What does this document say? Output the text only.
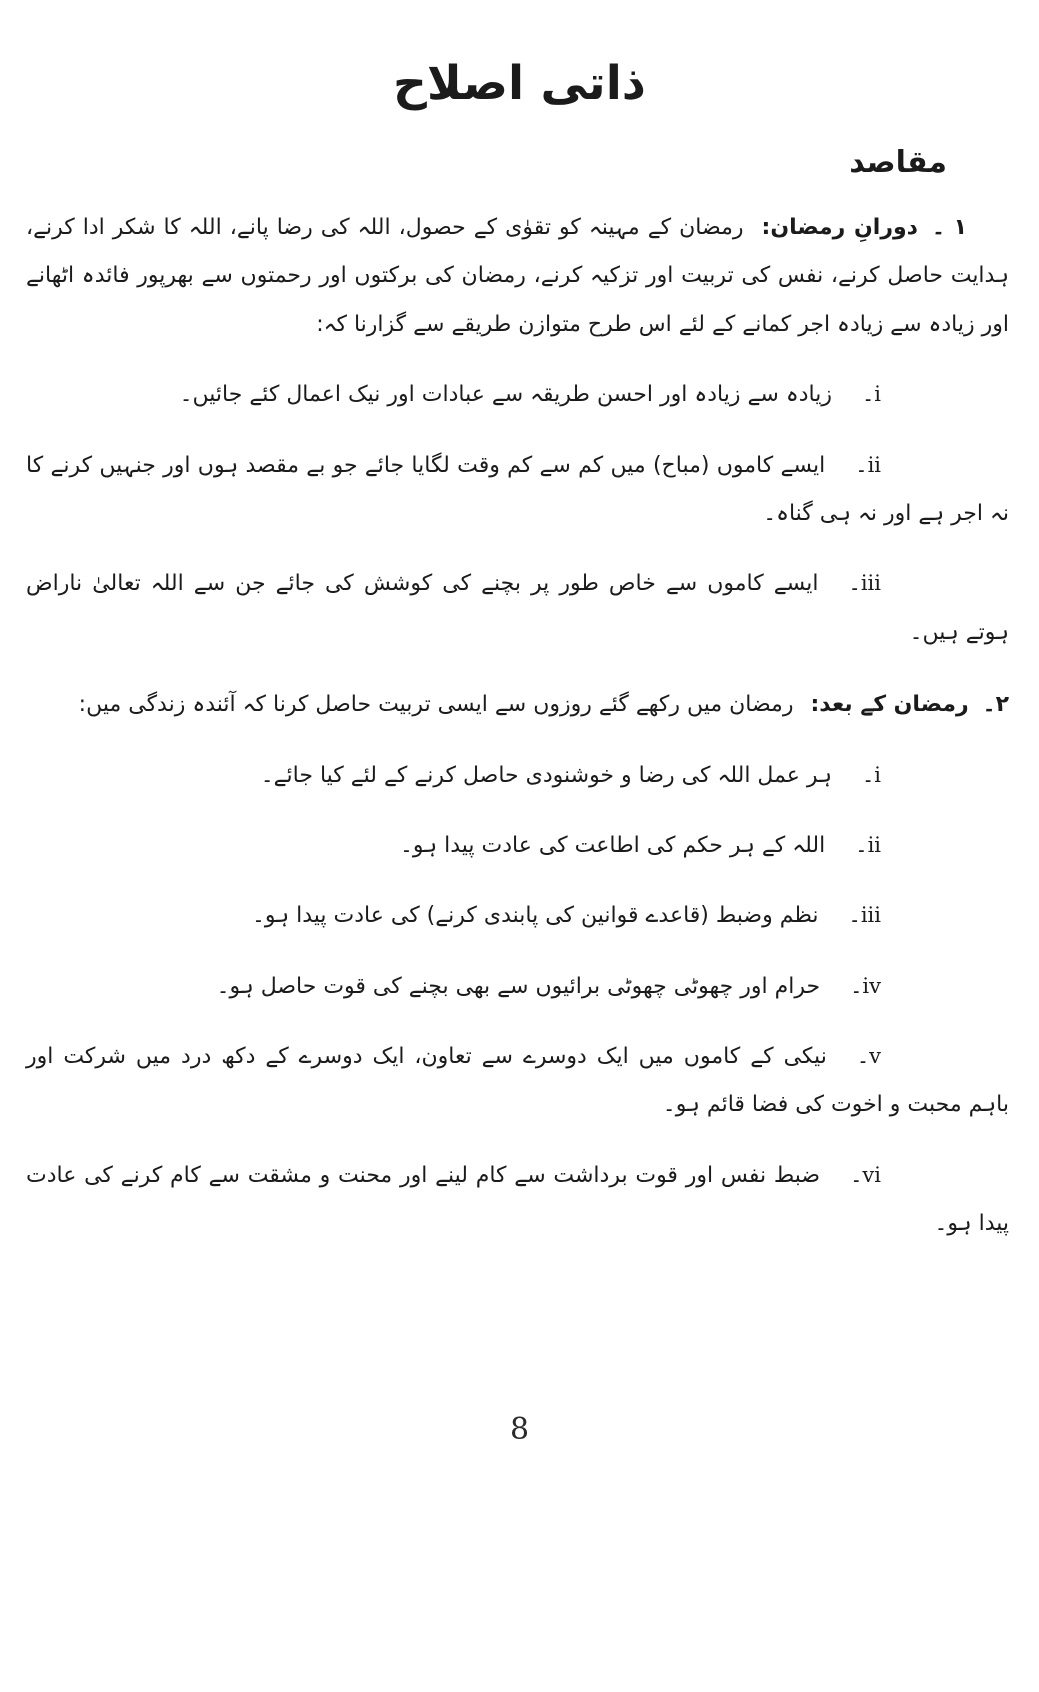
ذاتی اصلاح
مقاصد

۱ ۔دورانِ رمضان: رمضان کے مہینہ کو تقوٰی کے حصول، اللہ کی رضا پانے، اللہ کا شکر ادا کرنے، ہدایت حاصل کرنے، نفس کی تربیت اور تزکیہ کرنے، رمضان کی برکتوں اور رحمتوں سے بھرپور فائدہ اٹھانے اور زیادہ سے زیادہ اجر کمانے کے لئے اس طرح متوازن طریقے سے گزارنا کہ:

i۔زیادہ سے زیادہ اور احسن طریقہ سے عبادات اور نیک اعمال کئے جائیں۔

ii۔ایسے کاموں (مباح) میں کم سے کم وقت لگایا جائے جو بے مقصد ہوں اور جنہیں کرنے کا نہ اجر ہے اور نہ ہی گناہ۔

iii۔ایسے کاموں سے خاص طور پر بچنے کی کوشش کی جائے جن سے اللہ تعالیٰ ناراض ہوتے ہیں۔

۲۔رمضان کے بعد: رمضان میں رکھے گئے روزوں سے ایسی تربیت حاصل کرنا کہ آئندہ زندگی میں:

i۔ہر عمل اللہ کی رضا و خوشنودی حاصل کرنے کے لئے کیا جائے۔

ii۔اللہ کے ہر حکم کی اطاعت کی عادت پیدا ہو۔

iii۔نظم وضبط (قاعدے قوانین کی پابندی کرنے) کی عادت پیدا ہو۔

iv۔حرام اور چھوٹی چھوٹی برائیوں سے بھی بچنے کی قوت حاصل ہو۔

v۔نیکی کے کاموں میں ایک دوسرے سے تعاون، ایک دوسرے کے دکھ درد میں شرکت اور باہم محبت و اخوت کی فضا قائم ہو۔

vi۔ضبط نفس اور قوت برداشت سے کام لینے اور محنت و مشقت سے کام کرنے کی عادت پیدا ہو۔

8
